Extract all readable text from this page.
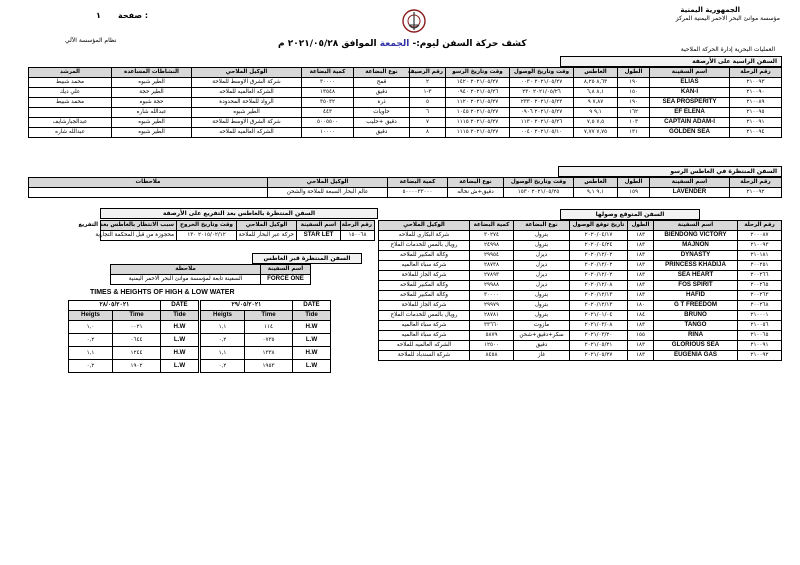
الجمهورية اليمنية
مؤسسة موانئ البحر الاحمر اليمنية المركز
العمليات البحرية إدارة الحركة الملاحية
صفحة :
١
نظام المؤسسة الآلي	كشف حركة السفن ليوم:- الجمعة الموافق ٢٠٢١/٠٥/٢٨ م
السفن الراسية على الأرصفة
رقم الرحلة	اسم السفينة	الطول	الغاطس	وقت وتاريخ الوصول	وقت وتاريخ الرسو	رقم الرصيف	نوع البضاعة	كمية البضاعة	الوكيل الملاحي	النشاطات المساعدة	المرشد
٢١٠٠٩٣	ELIAS	١٩٠	٨,٦٣ ٨,٢٥	٢٠٢١/٠٥/٢٧ ٠٠٣٠	٢٠٢١/٠٥/٢٧ ١٤٢٠	٢	قمح	٣٠٠٠٠	شركة الشرق الاوسط للملاحة	الطير شبوه	محمد شبيط
٢١٠٠٩٠	KAN-I	١٥٠	٨,١ ٦,٨	٢٠٢١/٠٥/٢٦ ٢٣٠	٢٠٢١/٠٥/٢٦ ٠٩٤٠	٣-١	دقيق	١٣٥٤٨	الشركه العالميه للملاحه	الطير حجة	علي ديك
٢١٠٠٨٩	SEA PROSPERITY	١٩٠	٧,٨٧ ٩	٢٠٢١/٠٥/٢٣ ٢٣٣٠	٢٠٢١/٠٥/٢٧ ١١٢٠	٥	ذرة	٣٥٠٣٢	الرواد للملاحة المحدودة	حجة شبوه	محمد شبيط
٢١٠٠٩٥	EF ELENA	١٦٢	٩,١ ٩	٢٠٢١/٠٥/٢٧ ٠٩٠٦	٢٠٢١/٠٥/٢٧ ١٠٤٥	٦	حاويات	٤٤٣	الطير شبوه	عبدالله شاره	
٢١٠٠٩١	CAPTAIN ADAM-I	١٠٣	٧,٥ ٧,٥	٢٠٢١/٠٥/٢٦ ١١٣٠	٢٠٢١/٠٥/٢٧ ١١١٥	٧	دقيق +حليب	٥٠٠٥٥٠٠	شركة الشرق الاوسط للملاحة	الطير شبوه	عبدالجبارشايف
٢١٠٠٩٤	GOLDEN SEA	١٣١	٧,٧٥ ٧,٧٧	٢٠٢١/٠٥/١٠ ٠٠٤٠	٢٠٢١/٠٥/٢٧ ١١١٥	٨	دقيق	١٠٠٠٠	الشركه العالميه للملاحه	الطير شبوه	عبدالله شاره
السفن المنتظرة في الغاطس الرسو
رقم الرحلة	اسم السفينة	الطول	الغاطس	وقت وتاريخ الوصول	نوع البضاعة	كمية البضاعة	الوكيل الملاحي	ملاحظات
٢١٠٠٩٢	LAVENDER	١٥٩	٩,١ ٩,١	٢٠٢١/٠٥/٢٥ ١٥٣٠	دقيق+ش نخاله	٥٠٠٠٠٣٣٠٠٠	عالم البحار السبعة للملاحة والشحن	
السفن المنتظرة بالغاطس بعد التفريغ على الأرصفة
رقم الرحلة	اسم السفينة	الوكيل الملاحي	وقت وتاريخ الخروج	سبب الانتظار بالغاطس بعد التفريغ
١٥٠٠٦٨	STAR LET	حركة عبر البحار للملاحة	٢٠١٥/٠٢/١٢ ١٣٠	محجوزة من قبل المحكمة التجارية
السفن المنتظرة قبر الغاطس
اسم السفينة	ملاحظة
FORCE ONE	السفينة تابعة لمؤسسة موانئ البحر الاحمر اليمنية
السفن المتوقع وصولها
رقم الرحلة	اسم السفينة	الطول	تاريخ توقع الوصول	نوع البضاعة	كمية البضاعة	الوكيل الملاحي
٢٠٠٠٨٧	BIENDONG VICTORY	١٨٣	٢٠٢٠/٠٤/١٧	بترول	٣٠٢٧٤	شركة البكاري للملاحه
٢١٠٠٩٣	MAJNON	١٨٣	٢٠٢٠/٠٤/٢٤	بترول	٢٤٩٩٨	رويال بالمس للخدمات الملاح
٢١٠١٨١	DYNASTY	١٨٣	٢٠٢٠/١٢/٠٢	ديزل	٢٩٩٥٤	وكالة المكبير للملاحه
٢٠٠٢٥١	PRINCESS KHADIJA	١٨٣	٢٠٢٠/١٢/٠٢	ديزل	٢٨٧٣٨	شركة سباء العالميه
٢٠٠٢٦٦	SEA HEART	١٨٣	٢٠٢٠/١٢/٠٢	ديزل	٢٧٨٩٣	شركة الجاز للملاحة
٢٠٠٢٦٥	FOS SPIRIT	١٨٣	٢٠٢٠/١٢/٠٨	ديزل	٢٩٩٨٨	وكالة المكبير للملاحه
٢٠٠٢٦٣	HAFID	١٨٣	٢٠٢٠/١٢/١٣	بترول	٣٠٠٠٠	وكالة المكبير للملاحه
٢٠٠٢٦٨	G T FREEDOM	١٨٠	٢٠٢٠/١٢/١٣	بترول	٢٩٩٧٩	شركة الجاز للملاحة
٢١٠٠٠١	BRUNO	١٨٤	٢٠٢١/٠١/٠٤	بترول	٢٨٧٨١	رويال بالمس للخدمات الملاح
٢١٠٠٥٦	TANGO	١٨٣	٢٠٢١/٠٣/٠٨	مازوت	٣٣٦٦٠	شركة سباء العالميه
٢١٠٠٦٥	RINA	١٥٥	٢٠٢١/٠٣/٢٠	سكر+دقيق+شحن	٥٨٧٩	شركة سباء العالميه
٢١٠٠٩١	GLORIOUS SEA	١٨٣	٢٠٢١/٠٥/٢١	دقيق	١٢٥٠٠	الشركه العالميه للملاحه
٢١٠٠٩٢	EUGENIA GAS	١٨٣	٢٠٢١/٠٥/٢٧	غاز	٨٤٥٨	شركة السندباد للملاحة
TIMES & HEIGHTS OF HIGH & LOW WATER
٢٨/٠٥/٢٠٢١		DATE
Heigts	Time	Tide
١,٠	٠٠٢١	H.W
٠,٢	٠٦٤٤	L.W
١,١	١٢٤٤	H.W
٠,٢	١٩٠٢	L.W
٢٩/٠٥/٢٠٢١		DATE
Heigts	Time	Tide
١,١	١١٤	H.W
٠,٢	٠٧٣٥	L.W
١,١	١٣٣٨	H.W
٠,٢	١٩٥٣	L.W
